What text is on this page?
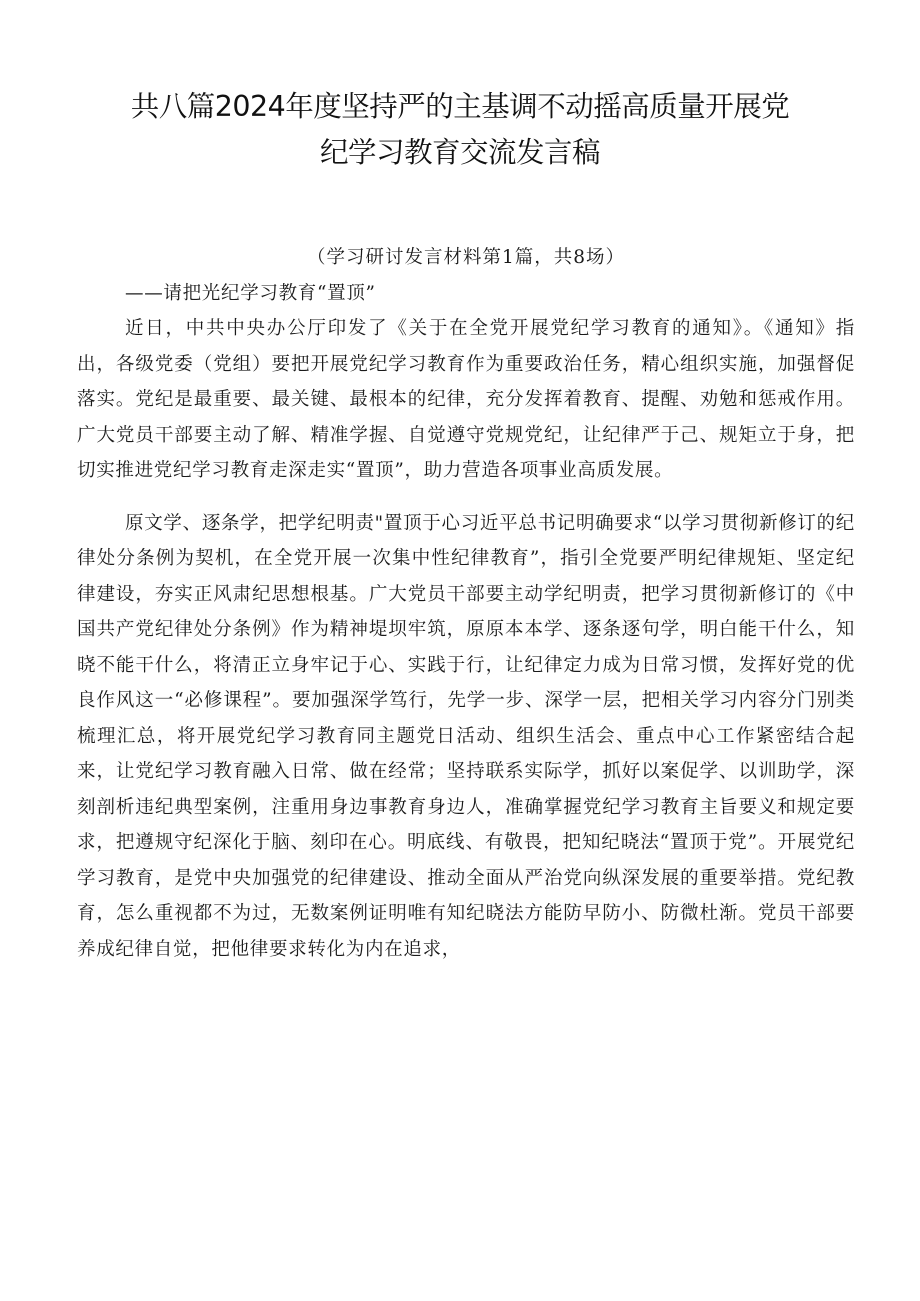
共八篇2024年度坚持严的主基调不动摇高质量开展党
纪学习教育交流发言稿
（学习研讨发言材料第1篇，共8场）
——请把光纪学习教育“置顶”

近日，中共中央办公厅印发了《关于在全党开展党纪学习教育的通知》。《通知》指出，各级党委（党组）要把开展党纪学习教育作为重要政治任务，精心组织实施，加强督促落实。党纪是最重要、最关键、最根本的纪律，充分发挥着教育、提醒、劝勉和惩戒作用。广大党员干部要主动了解、精准学握、自觉遵守党规党纪，让纪律严于己、规矩立于身，把切实推进党纪学习教育走深走实“置顶”，助力营造各项事业高质发展。

原文学、逐条学，把学纪明责"置顶于心习近平总书记明确要求“以学习贯彻新修订的纪律处分条例为契机，在全党开展一次集中性纪律教育”，指引全党要严明纪律规矩、坚定纪律建设，夯实正风肃纪思想根基。广大党员干部要主动学纪明责，把学习贯彻新修订的《中国共产党纪律处分条例》作为精神堤坝牢筑，原原本本学、逐条逐句学，明白能干什么，知晓不能干什么，将清正立身牢记于心、实践于行，让纪律定力成为日常习惯，发挥好党的优良作风这一“必修课程”。要加强深学笃行，先学一步、深学一层，把相关学习内容分门别类梳理汇总，将开展党纪学习教育同主题党日活动、组织生活会、重点中心工作紧密结合起来，让党纪学习教育融入日常、做在经常；坚持联系实际学，抓好以案促学、以训助学，深刻剖析违纪典型案例，注重用身边事教育身边人，准确掌握党纪学习教育主旨要义和规定要求，把遵规守纪深化于脑、刻印在心。明底线、有敬畏，把知纪晓法“置顶于党”。开展党纪学习教育，是党中央加强党的纪律建设、推动全面从严治党向纵深发展的重要举措。党纪教育，怎么重视都不为过，无数案例证明唯有知纪晓法方能防早防小、防微杜渐。党员干部要养成纪律自觉，把他律要求转化为内在追求，
